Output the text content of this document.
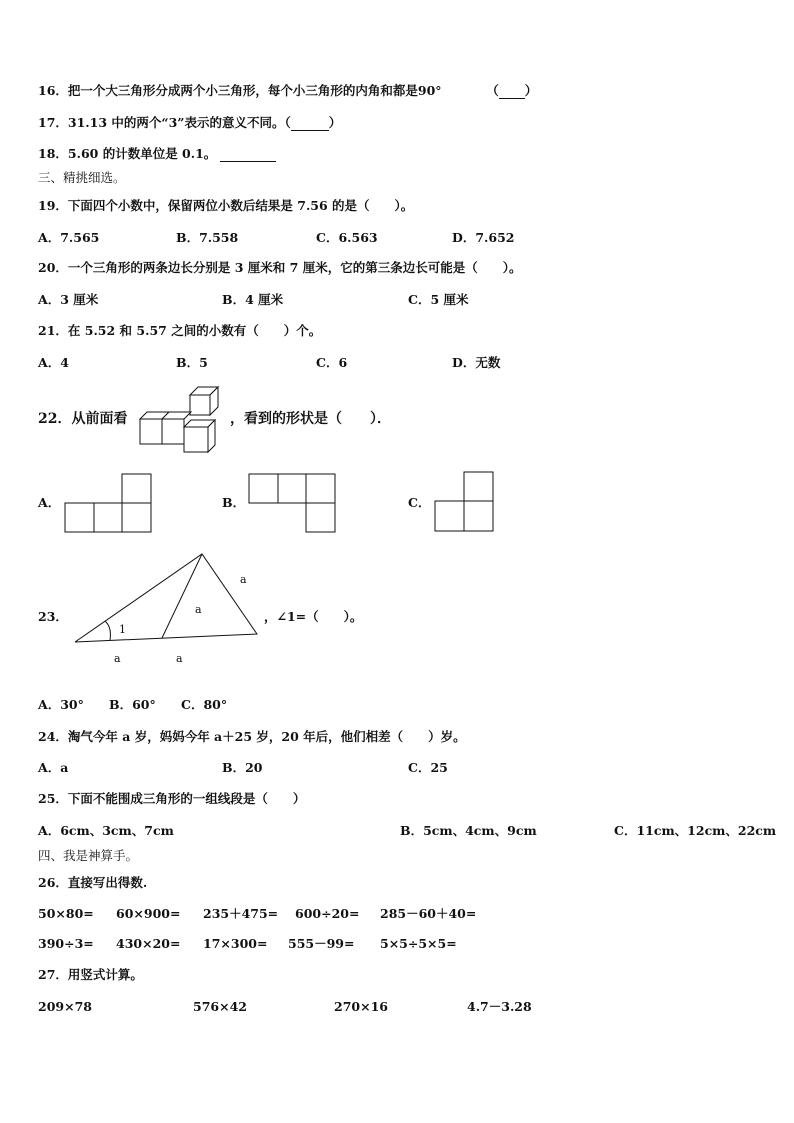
16．把一个大三角形分成两个小三角形，每个小三角形的内角和都是90°	（ ）
17．31.13 中的两个“3”表示的意义不同。（	）
18．5.60 的计数单位是 0.1。
三、精挑细选。
19．下面四个小数中，保留两位小数后结果是 7.56 的是（　　）。
A．7.565	B．7.558	C．6.563	D．7.652
20．一个三角形的两条边长分别是 3 厘米和 7 厘米，它的第三条边长可能是（　　）。
A．3 厘米	B．4 厘米	C．5 厘米
21．在 5.52 和 5.57 之间的小数有（　　）个。
A．4	B．5	C．6	D．无数
22．从前面看	，看到的形状是（　　）．
A．	B．	C．
23．
1
a
a
a	a
，∠1=（　　）。
A．30° B．60° C．80°
24．淘气今年 a 岁，妈妈今年 a＋25 岁，20 年后，他们相差（　　）岁。
A．a	B．20	C．25
25．下面不能围成三角形的一组线段是（　　）
A．6cm、3cm、7cm	B．5cm、4cm、9cm	C．11cm、12cm、22cm
四、我是神算手。
26．直接写出得数.
50×80= 60×900= 235＋475= 600÷20= 285－60＋40=
390÷3= 430×20= 17×300= 555－99= 5×5÷5×5=
27．用竖式计算。
209×78	576×42	270×16	4.7－3.28
